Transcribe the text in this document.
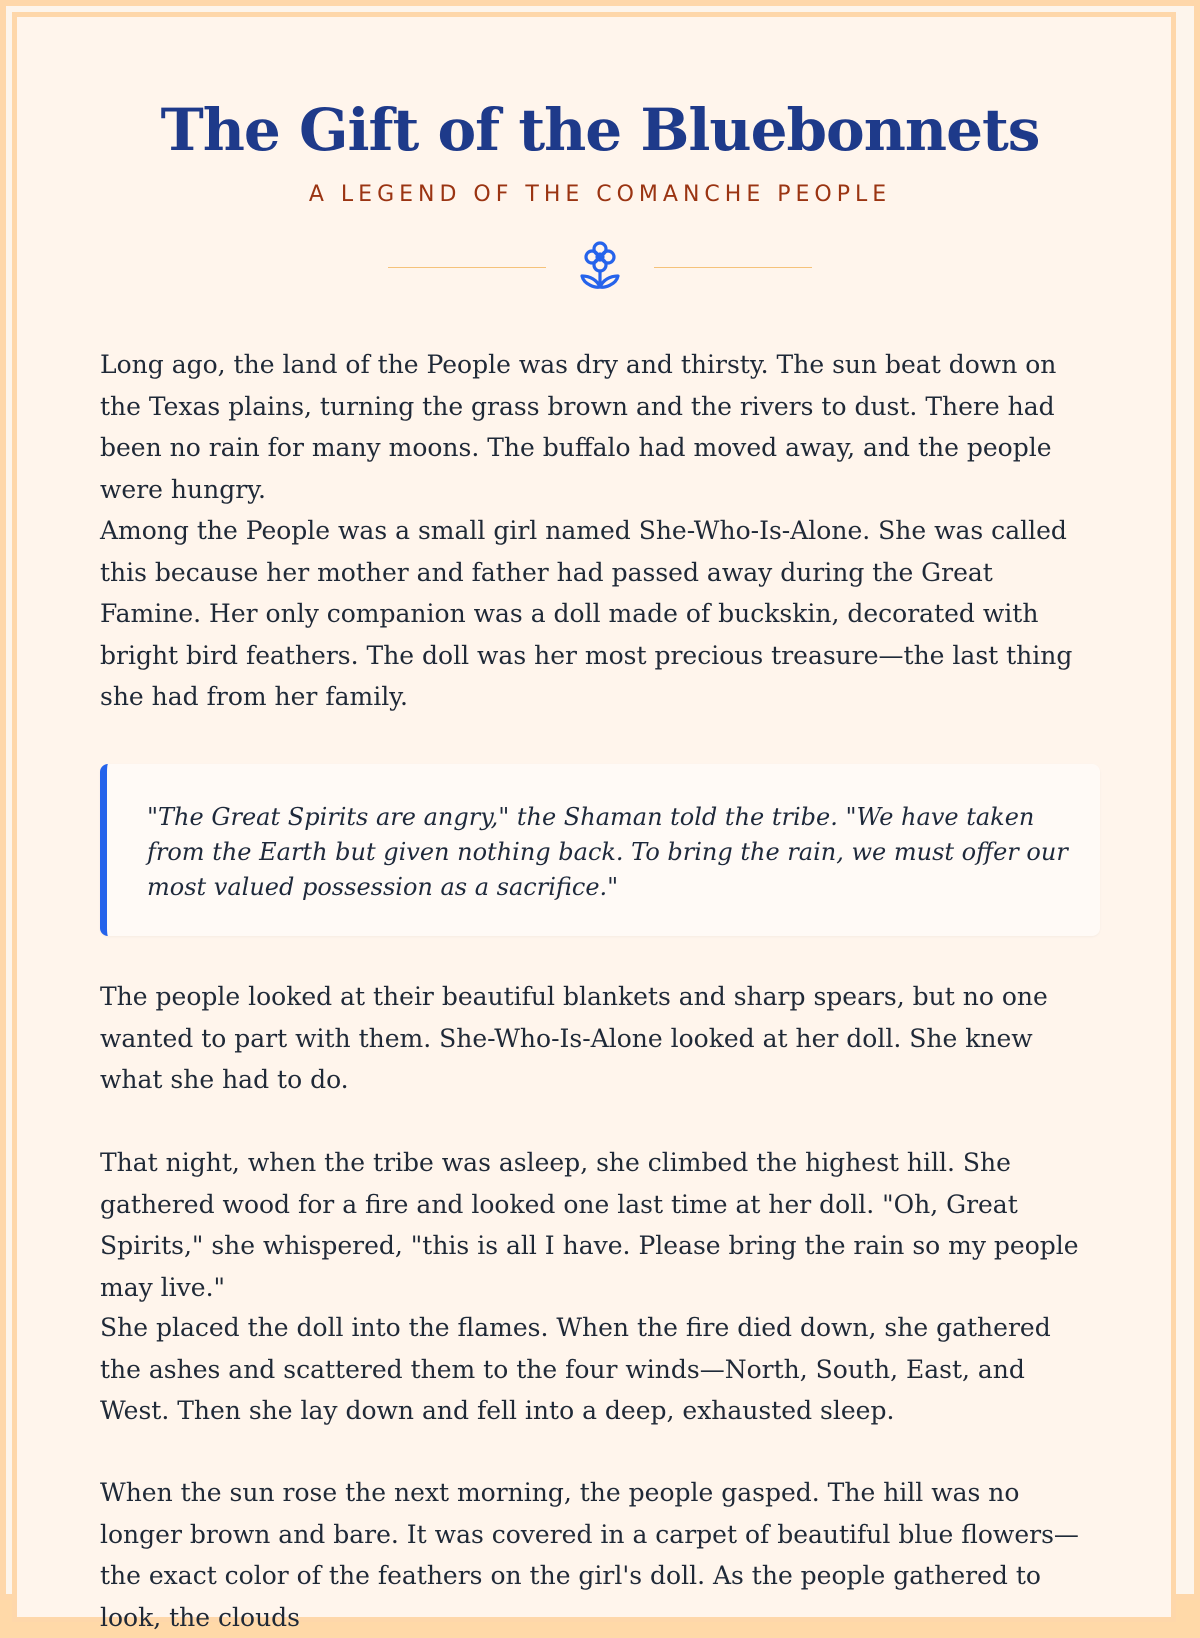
The Gift of the Bluebonnets
A LEGEND OF THE COMANCHE PEOPLE

Long ago, the land of the People was dry and thirsty. The sun beat down on the Texas plains, turning the grass brown and the rivers to dust. There had been no rain for many moons. The buffalo had moved away, and the people were hungry.

Among the People was a small girl named She-Who-Is-Alone. She was called this because her mother and father had passed away during the Great Famine. Her only companion was a doll made of buckskin, decorated with bright bird feathers. The doll was her most precious treasure—the last thing she had from her family.

"The Great Spirits are angry," the Shaman told the tribe. "We have taken from the Earth but given nothing back. To bring the rain, we must offer our most valued possession as a sacrifice."

The people looked at their beautiful blankets and sharp spears, but no one wanted to part with them. She-Who-Is-Alone looked at her doll. She knew what she had to do.

That night, when the tribe was asleep, she climbed the highest hill. She gathered wood for a fire and looked one last time at her doll. "Oh, Great Spirits," she whispered, "this is all I have. Please bring the rain so my people may live."

She placed the doll into the flames. When the fire died down, she gathered the ashes and scattered them to the four winds—North, South, East, and West. Then she lay down and fell into a deep, exhausted sleep.

When the sun rose the next morning, the people gasped. The hill was no longer brown and bare. It was covered in a carpet of beautiful blue flowers—the exact color of the feathers on the girl's doll. As the people gathered to look, the clouds
